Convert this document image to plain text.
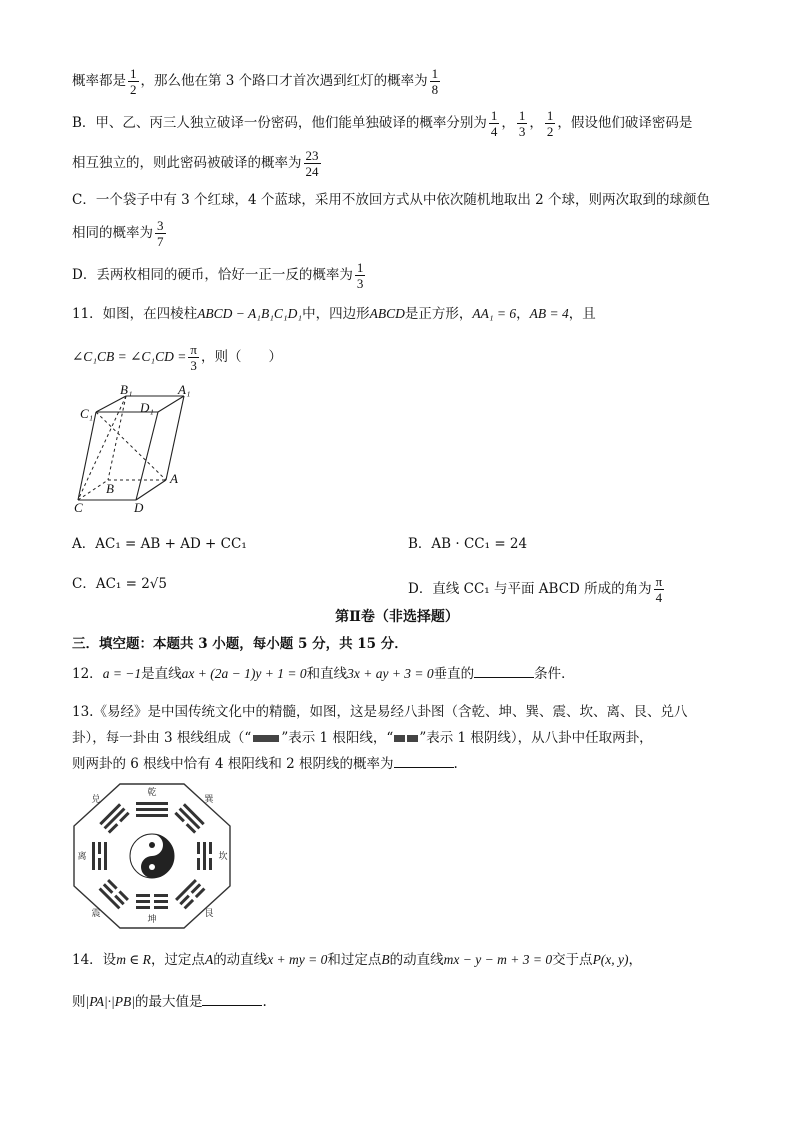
概率都是 $\frac{1}{2}$ ，那么他在第 3 个路口才首次遇到红灯的概率为 $\frac{1}{8}$
B．甲、乙、丙三人独立破译一份密码，他们能单独破译的概率分别为 $\frac{1}{4}$ ， $\frac{1}{3}$ ， $\frac{1}{2}$ ，假设他们破译密码是
相互独立的，则此密码被破译的概率为 $\frac{23}{24}$
C．一个袋子中有 3 个红球，4 个蓝球，采用不放回方式从中依次随机地取出 2 个球，则两次取到的球颜色
相同的概率为 $\frac{3}{7}$
D．丢两枚相同的硬币，恰好一正一反的概率为 $\frac{1}{3}$
11．如图，在四棱柱ABCD − A₁B₁C₁D₁中，四边形ABCD是正方形，AA₁ = 6，AB = 4，且
∠C₁CB = ∠C₁CD = $\frac{\pi}{3}$ ，则（　　）
B₁	A₁
C₁	D₁
B
A
C	D
A．AC₁ = AB + AD + CC₁	B．AB · CC₁ = 24
C．AC₁ = 2√5	D．直线 CC₁ 与平面 ABCD 所成的角为 $\frac{\pi}{4}$
第Ⅱ卷（非选择题）
三．填空题：本题共 3 小题，每小题 5 分，共 15 分．
12．a = −1是直线ax + (2a − 1)y + 1 = 0和直线3x + ay + 3 = 0垂直的	条件．
13.《易经》是中国传统文化中的精髓，如图，这是易经八卦图（含乾、坤、巽、震、坎、离、艮、兑八
卦），每一卦由 3 根线组成（“ ”表示 1 根阳线，“ ”表示 1 根阴线），从八卦中任取两卦，
则两卦的 6 根线中恰有 4 根阳线和 2 根阴线的概率为	.
乾
坤
离	坎
兑	巽
震	艮
14．设m ∈ R，过定点A的动直线x + my = 0和过定点B的动直线mx − y − m + 3 = 0交于点P(x, y)，
则|PA|·|PB|的最大值是	.
